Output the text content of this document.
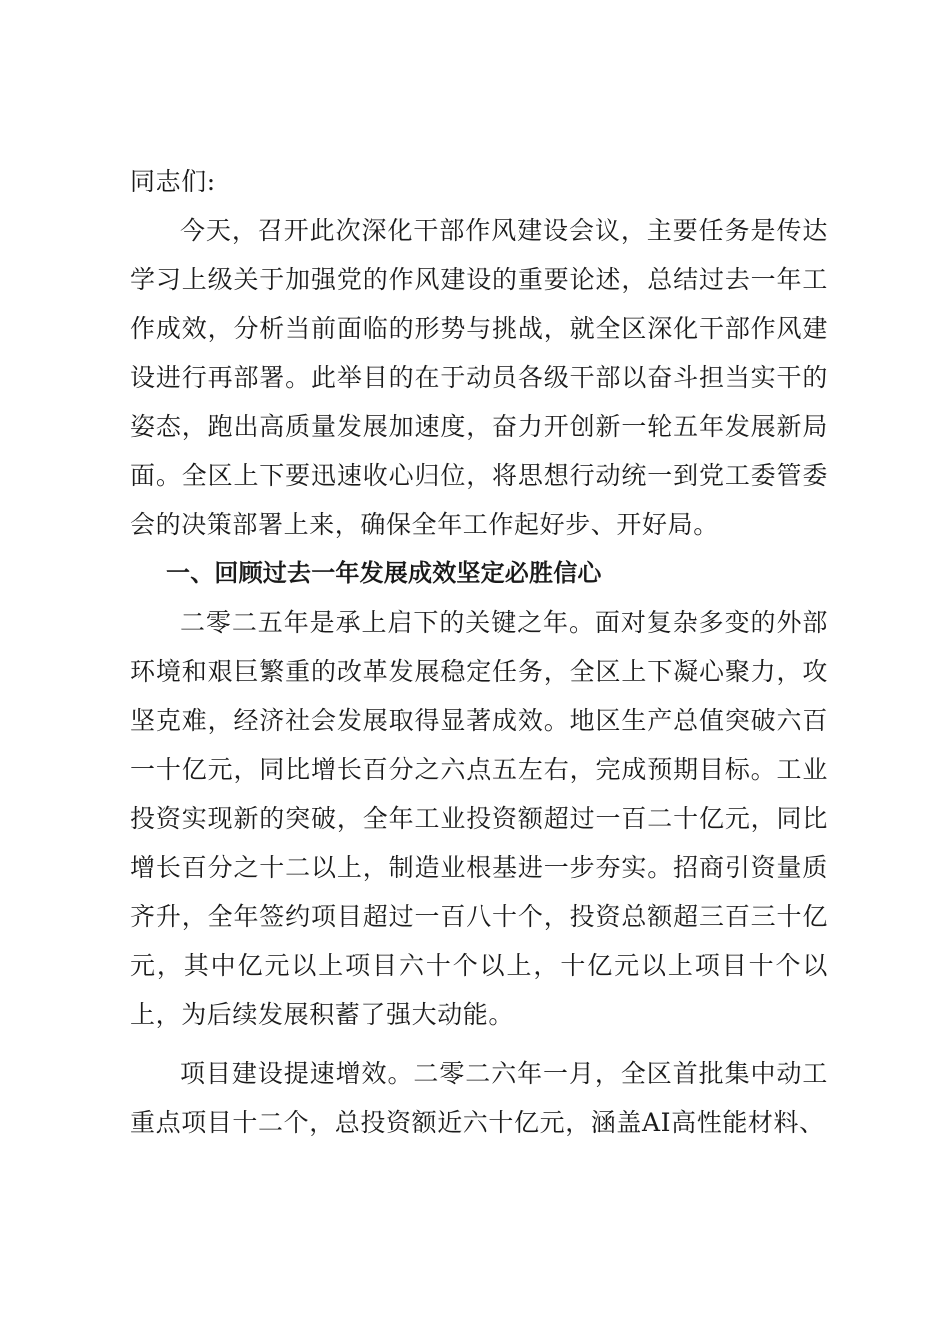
同志们:

今天，召开此次深化干部作风建设会议，主要任务是传达学习上级关于加强党的作风建设的重要论述，总结过去一年工作成效，分析当前面临的形势与挑战，就全区深化干部作风建设进行再部署。此举目的在于动员各级干部以奋斗担当实干的姿态，跑出高质量发展加速度，奋力开创新一轮五年发展新局面。全区上下要迅速收心归位，将思想行动统一到党工委管委会的决策部署上来，确保全年工作起好步、开好局。

一、回顾过去一年发展成效坚定必胜信心

二零二五年是承上启下的关键之年。面对复杂多变的外部环境和艰巨繁重的改革发展稳定任务，全区上下凝心聚力，攻坚克难，经济社会发展取得显著成效。地区生产总值突破六百一十亿元，同比增长百分之六点五左右，完成预期目标。工业投资实现新的突破，全年工业投资额超过一百二十亿元，同比增长百分之十二以上，制造业根基进一步夯实。招商引资量质齐升，全年签约项目超过一百八十个，投资总额超三百三十亿元，其中亿元以上项目六十个以上，十亿元以上项目十个以上，为后续发展积蓄了强大动能。

项目建设提速增效。二零二六年一月，全区首批集中动工重点项目十二个，总投资额近六十亿元，涵盖AI高性能材料、
